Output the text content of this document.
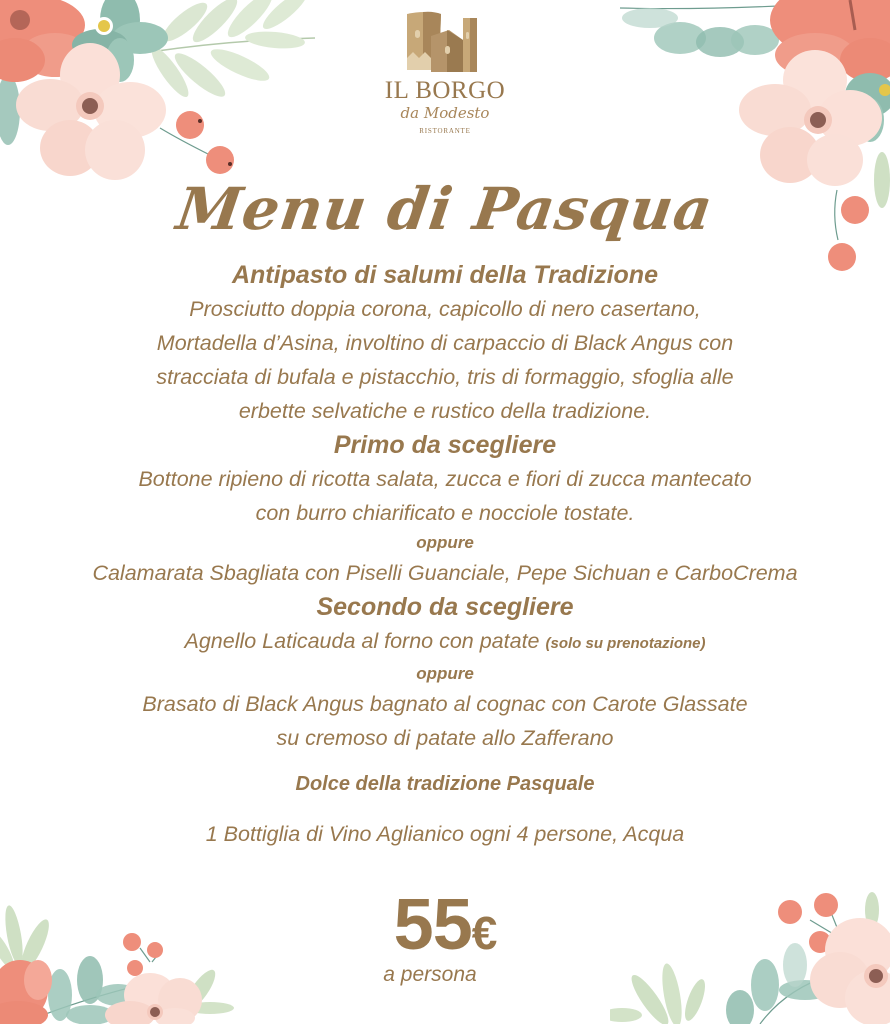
IL BORGO
da Modesto
RISTORANTE
Menu di Pasqua
Antipasto di salumi della Tradizione
Prosciutto doppia corona, capicollo di nero casertano,
Mortadella d’Asina, involtino di carpaccio di Black Angus con
stracciata di bufala e pistacchio, tris di formaggio, sfoglia alle
erbette selvatiche e rustico della tradizione.
Primo da scegliere
Bottone ripieno di ricotta salata, zucca e fiori di zucca mantecato
con burro chiarificato e nocciole tostate.
oppure
Calamarata Sbagliata con Piselli Guanciale, Pepe Sichuan e CarboCrema
Secondo da scegliere
Agnello Laticauda al forno con patate (solo su prenotazione)
oppure
Brasato di Black Angus bagnato al cognac con Carote Glassate
su cremoso di patate allo Zafferano
Dolce della tradizione Pasquale
1 Bottiglia di Vino Aglianico ogni 4 persone, Acqua
55€
a persona
